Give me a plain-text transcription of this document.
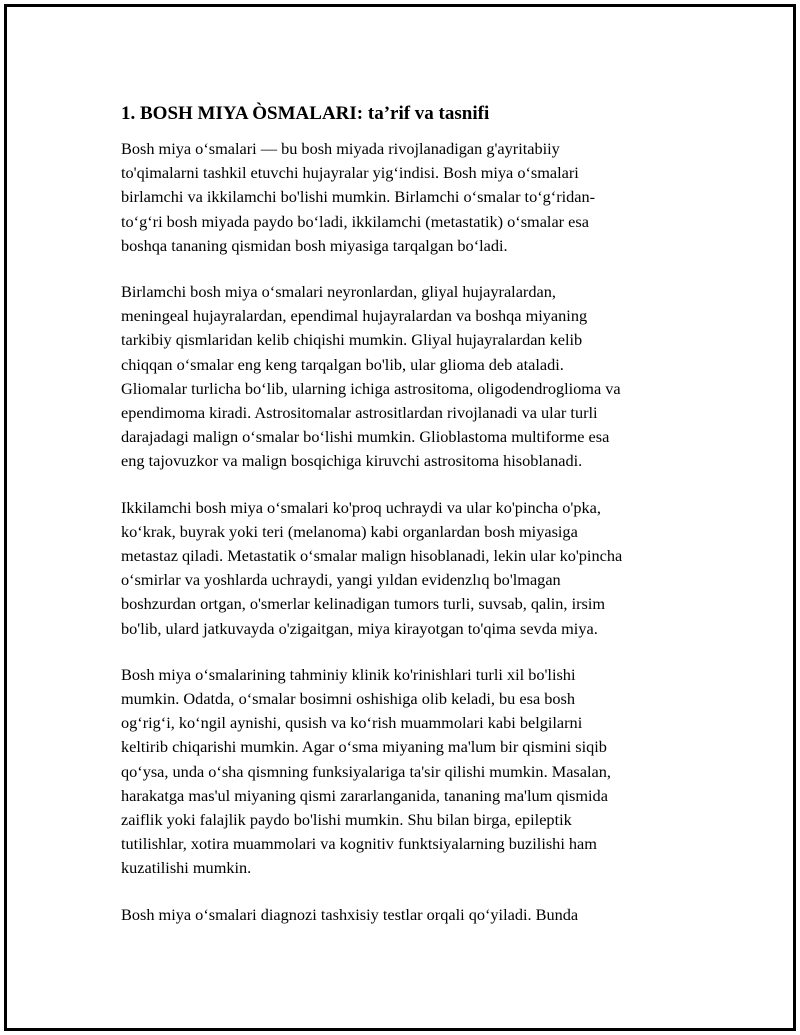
1. BOSH MIYA ÒSMALARI: ta’rif va tasnifi
Bosh miya o‘smalari — bu bosh miyada rivojlanadigan g'ayritabiiy
to'qimalarni tashkil etuvchi hujayralar yig‘indisi. Bosh miya o‘smalari
birlamchi va ikkilamchi bo'lishi mumkin. Birlamchi o‘smalar to‘g‘ridan-
to‘g‘ri bosh miyada paydo bo‘ladi, ikkilamchi (metastatik) o‘smalar esa
boshqa tananing qismidan bosh miyasiga tarqalgan bo‘ladi.
Birlamchi bosh miya o‘smalari neyronlardan, gliyal hujayralardan,
meningeal hujayralardan, ependimal hujayralardan va boshqa miyaning
tarkibiy qismlaridan kelib chiqishi mumkin. Gliyal hujayralardan kelib
chiqqan o‘smalar eng keng tarqalgan bo'lib, ular glioma deb ataladi.
Gliomalar turlicha bo‘lib, ularning ichiga astrositoma, oligodendroglioma va
ependimoma kiradi. Astrositomalar astrositlardan rivojlanadi va ular turli
darajadagi malign o‘smalar bo‘lishi mumkin. Glioblastoma multiforme esa
eng tajovuzkor va malign bosqichiga kiruvchi astrositoma hisoblanadi.
Ikkilamchi bosh miya o‘smalari ko'proq uchraydi va ular ko'pincha o'pka,
ko‘krak, buyrak yoki teri (melanoma) kabi organlardan bosh miyasiga
metastaz qiladi. Metastatik o‘smalar malign hisoblanadi, lekin ular ko'pincha
o‘smirlar va yoshlarda uchraydi, yangi yıldan evidenzlıq bo'lmagan
boshzurdan ortgan, o'smerlar kelinadigan tumors turli, suvsab, qalin, irsim
bo'lib, ulard jatkuvayda o'zigaitgan, miya kirayotgan to'qima sevda miya.
Bosh miya o‘smalarining tahminiy klinik ko'rinishlari turli xil bo'lishi
mumkin. Odatda, o‘smalar bosimni oshishiga olib keladi, bu esa bosh
og‘rig‘i, ko‘ngil aynishi, qusish va ko‘rish muammolari kabi belgilarni
keltirib chiqarishi mumkin. Agar o‘sma miyaning ma'lum bir qismini siqib
qo‘ysa, unda o‘sha qismning funksiyalariga ta'sir qilishi mumkin. Masalan,
harakatga mas'ul miyaning qismi zararlanganida, tananing ma'lum qismida
zaiflik yoki falajlik paydo bo'lishi mumkin. Shu bilan birga, epileptik
tutilishlar, xotira muammolari va kognitiv funktsiyalarning buzilishi ham
kuzatilishi mumkin.
Bosh miya o‘smalari diagnozi tashxisiy testlar orqali qo‘yiladi. Bunda
